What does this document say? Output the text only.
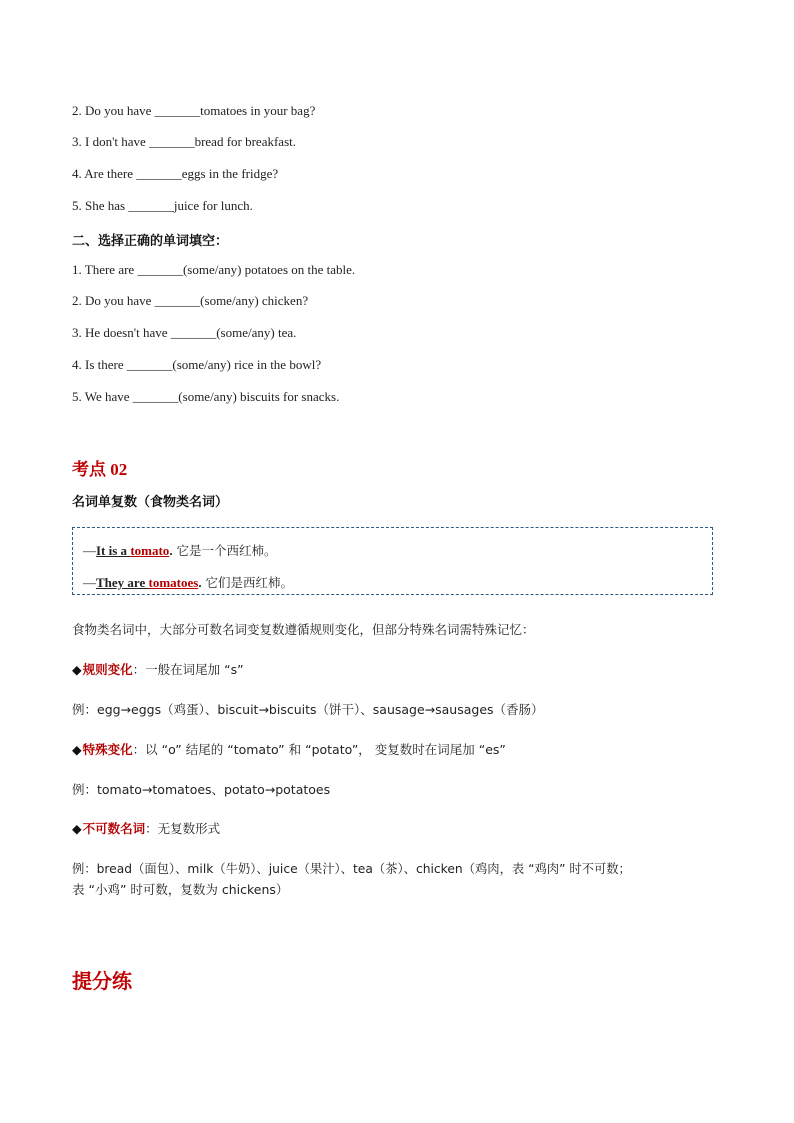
2. Do you have _______tomatoes in your bag?
3. I don't have _______bread for breakfast.
4. Are there _______eggs in the fridge?
5. She has _______juice for lunch.
二、选择正确的单词填空：
1. There are _______(some/any) potatoes on the table.
2. Do you have _______(some/any) chicken?
3. He doesn't have _______(some/any) tea.
4. Is there _______(some/any) rice in the bowl?
5. We have _______(some/any) biscuits for snacks.
考点 02
名词单复数（食物类名词）
—It is a tomato. 它是一个西红柿。
—They are tomatoes. 它们是西红柿。
食物类名词中，大部分可数名词变复数遵循规则变化，但部分特殊名词需特殊记忆：
◆规则变化：一般在词尾加 “s”
例：egg→eggs（鸡蛋）、biscuit→biscuits（饼干）、sausage→sausages（香肠）
◆特殊变化：以 “o” 结尾的 “tomato” 和 “potato”， 变复数时在词尾加 “es”
例：tomato→tomatoes、potato→potatoes
◆不可数名词：无复数形式
例：bread（面包）、milk（牛奶）、juice（果汁）、tea（茶）、chicken（鸡肉，表 “鸡肉” 时不可数；
表 “小鸡” 时可数，复数为 chickens）
提分练
